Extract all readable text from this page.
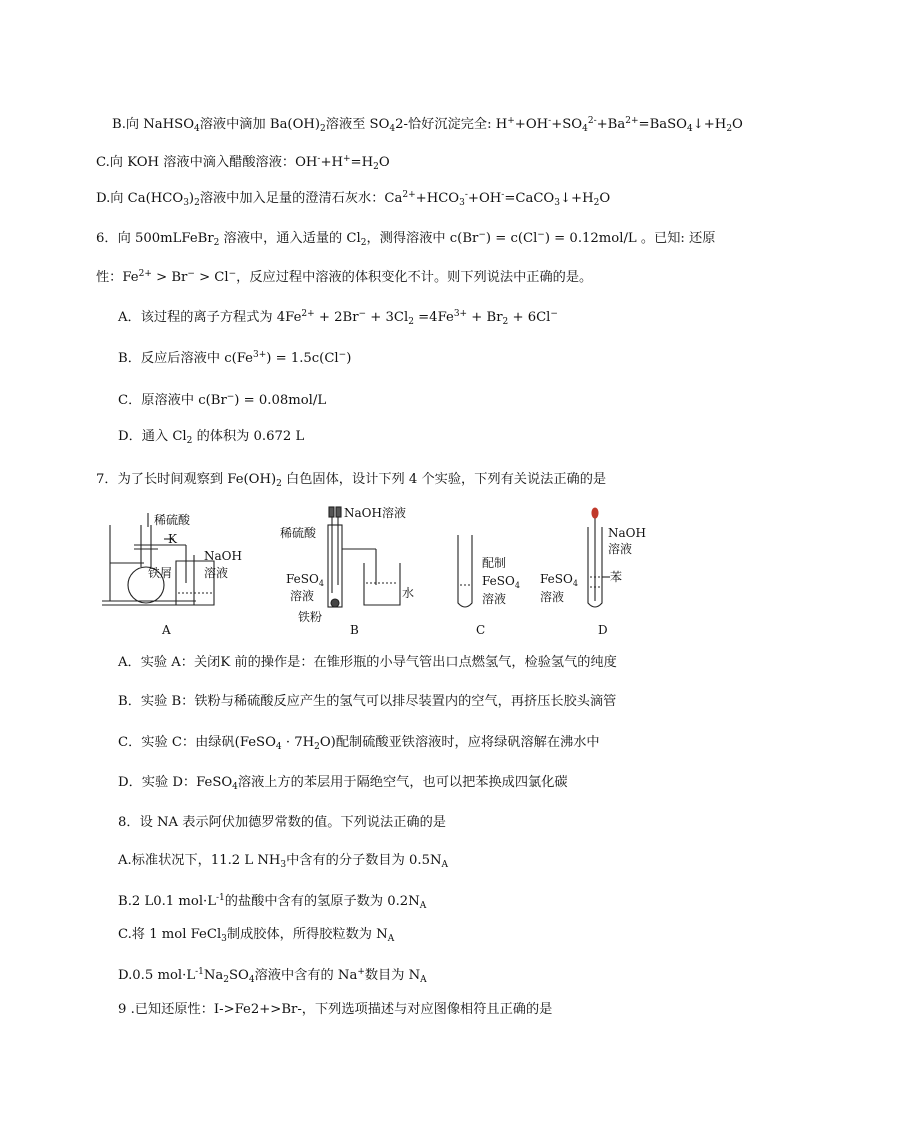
B.向 NaHSO$_4$溶液中滴加 $Ba(OH)_2$溶液至 $SO_42-$恰好沉淀完全: $H^++OH^-+SO_4^{2-}+Ba^{2+}=BaSO_4↓+H_2O$
C.向 KOH 溶液中滴入醋酸溶液：$OH^-+H^+=H_2O$
D.向 $Ca(HCO_3)_2$溶液中加入足量的澄清石灰水：$Ca^{2+}+HCO_3^-+OH^-=CaCO_3↓+H_2O$
6．向 500mLFeBr$_2$ 溶液中，通入适量的 $Cl_2$，测得溶液中 c(Br−) = c(Cl−) = 0.12mol/L 。已知: 还原
性：$Fe^{2+} > Br^- > Cl^-$，反应过程中溶液的体积变化不计。则下列说法中正确的是。
A．该过程的离子方程式为 $4Fe^{2+} + 2Br^- + 3Cl_2 =4Fe^{3+} + Br_2 + 6Cl^-$
B．反应后溶液中 $c(Fe^{3+}) = 1.5c(Cl^-)$
C．原溶液中 c(Br−) = 0.08mol/L
D．通入 $Cl_2$ 的体积为 0.672 L
7．为了长时间观察到 $Fe(OH)_2$ 白色固体，设计下列 4 个实验，下列有关说法正确的是
稀硫酸
K
NaOH
溶液
铁屑
A
NaOH溶液
稀硫酸
FeSO$_4$
溶液	水
铁粉
B
配制
FeSO$_4$
溶液
C
NaOH
溶液
FeSO$_4$	苯
溶液
D
A．实验 A：关闭K 前的操作是：在锥形瓶的小导气管出口点燃氢气，检验氢气的纯度
B．实验 B：铁粉与稀硫酸反应产生的氢气可以排尽装置内的空气，再挤压长胶头滴管
C．实验 C：由绿矾(FeSO$_4$ · $7H_2O$)配制硫酸亚铁溶液时，应将绿矾溶解在沸水中
D．实验 D：FeSO$_4$溶液上方的苯层用于隔绝空气，也可以把苯换成四氯化碳
8．设 NA 表示阿伏加德罗常数的值。下列说法正确的是
A.标准状况下，11.2 L $NH_3$中含有的分子数目为 $0.5N_A$
B.2 L0.1 $mol\cdot L^{-1}$的盐酸中含有的氢原子数为 $0.2N_A$
C.将 1 mol FeCl$_3$制成胶体，所得胶粒数为 $N_A$
D.0.5 $mol\cdot L^{-1}Na_2SO_4$溶液中含有的 Na+数目为 $N_A$
9 .已知还原性：I->Fe2+>Br-，下列选项描述与对应图像相符且正确的是
